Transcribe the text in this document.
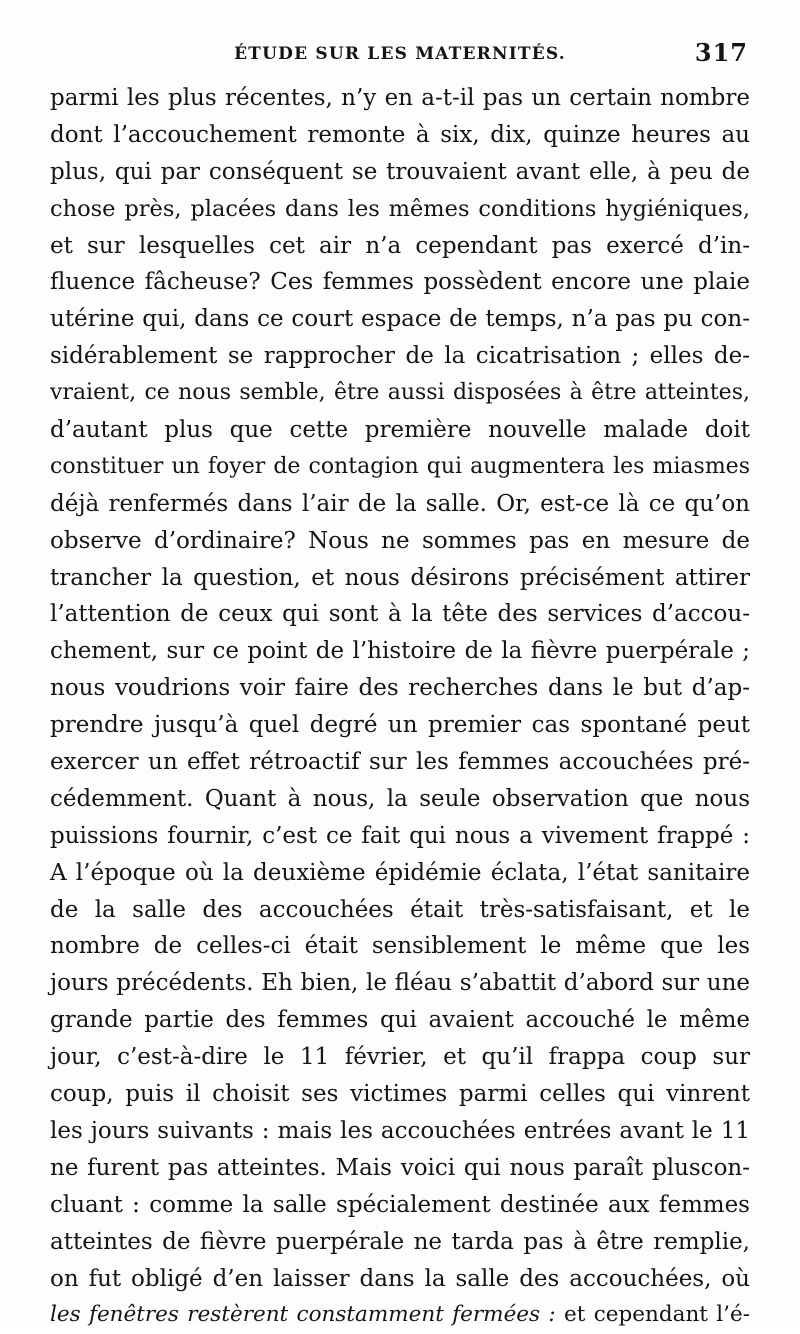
ÉTUDE SUR LES MATERNITÉS.	317
parmi les plus récentes, n’y en a-t-il pas un certain nombre
dont l’accouchement remonte à six, dix, quinze heures au
plus, qui par conséquent se trouvaient avant elle, à peu de
chose près, placées dans les mêmes conditions hygiéniques,
et sur lesquelles cet air n’a cependant pas exercé d’in-
fluence fâcheuse? Ces femmes possèdent encore une plaie
utérine qui, dans ce court espace de temps, n’a pas pu con-
sidérablement se rapprocher de la cicatrisation ; elles de-
vraient, ce nous semble, être aussi disposées à être atteintes,
d’autant plus que cette première nouvelle malade doit
constituer un foyer de contagion qui augmentera les miasmes
déjà renfermés dans l’air de la salle. Or, est-ce là ce qu’on
observe d’ordinaire? Nous ne sommes pas en mesure de
trancher la question, et nous désirons précisément attirer
l’attention de ceux qui sont à la tête des services d’accou-
chement, sur ce point de l’histoire de la fièvre puerpérale ;
nous voudrions voir faire des recherches dans le but d’ap-
prendre jusqu’à quel degré un premier cas spontané peut
exercer un effet rétroactif sur les femmes accouchées pré-
cédemment. Quant à nous, la seule observation que nous
puissions fournir, c’est ce fait qui nous a vivement frappé :
A l’époque où la deuxième épidémie éclata, l’état sanitaire
de la salle des accouchées était très-satisfaisant, et le
nombre de celles-ci était sensiblement le même que les
jours précédents. Eh bien, le fléau s’abattit d’abord sur une
grande partie des femmes qui avaient accouché le même
jour, c’est-à-dire le 11 février, et qu’il frappa coup sur
coup, puis il choisit ses victimes parmi celles qui vinrent
les jours suivants : mais les accouchées entrées avant le 11
ne furent pas atteintes. Mais voici qui nous paraît pluscon-
cluant : comme la salle spécialement destinée aux femmes
atteintes de fièvre puerpérale ne tarda pas à être remplie,
on fut obligé d’en laisser dans la salle des accouchées, où
les fenêtres restèrent constamment fermées : et cependant l’é-
